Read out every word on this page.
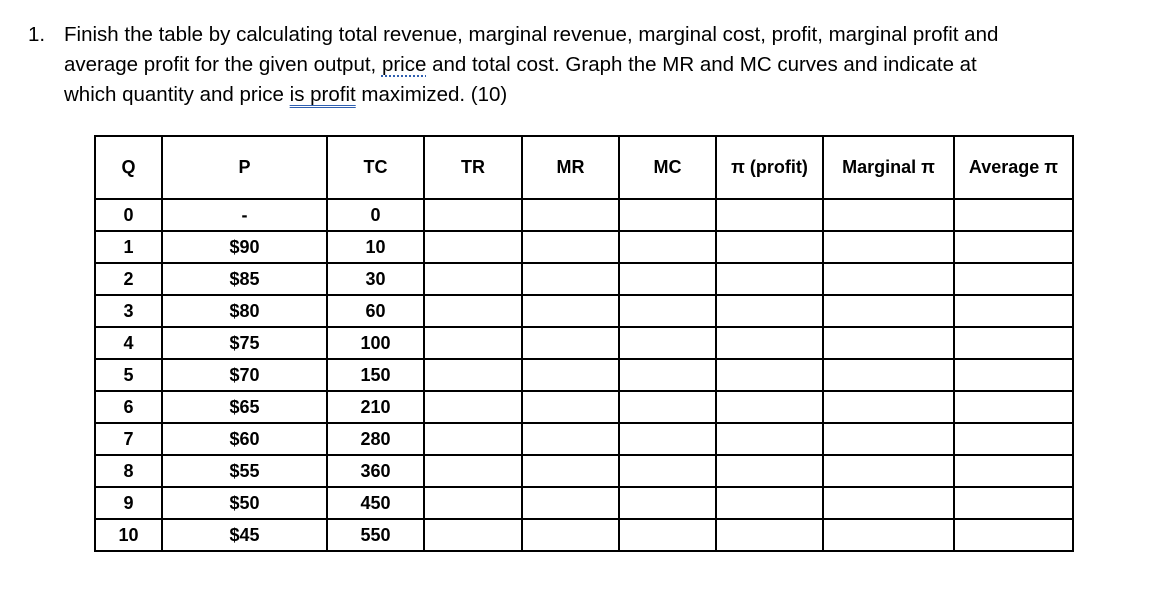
1. Finish the table by calculating total revenue, marginal revenue, marginal cost, profit, marginal profit and
average profit for the given output, price and total cost. Graph the MR and MC curves and indicate at
which quantity and price is profit maximized. (10)
Q	P	TC	TR	MR	MC	π (profit)	Marginal π	Average π
0	-	0						
1	$90	10						
2	$85	30						
3	$80	60						
4	$75	100						
5	$70	150						
6	$65	210						
7	$60	280						
8	$55	360						
9	$50	450						
10	$45	550						
